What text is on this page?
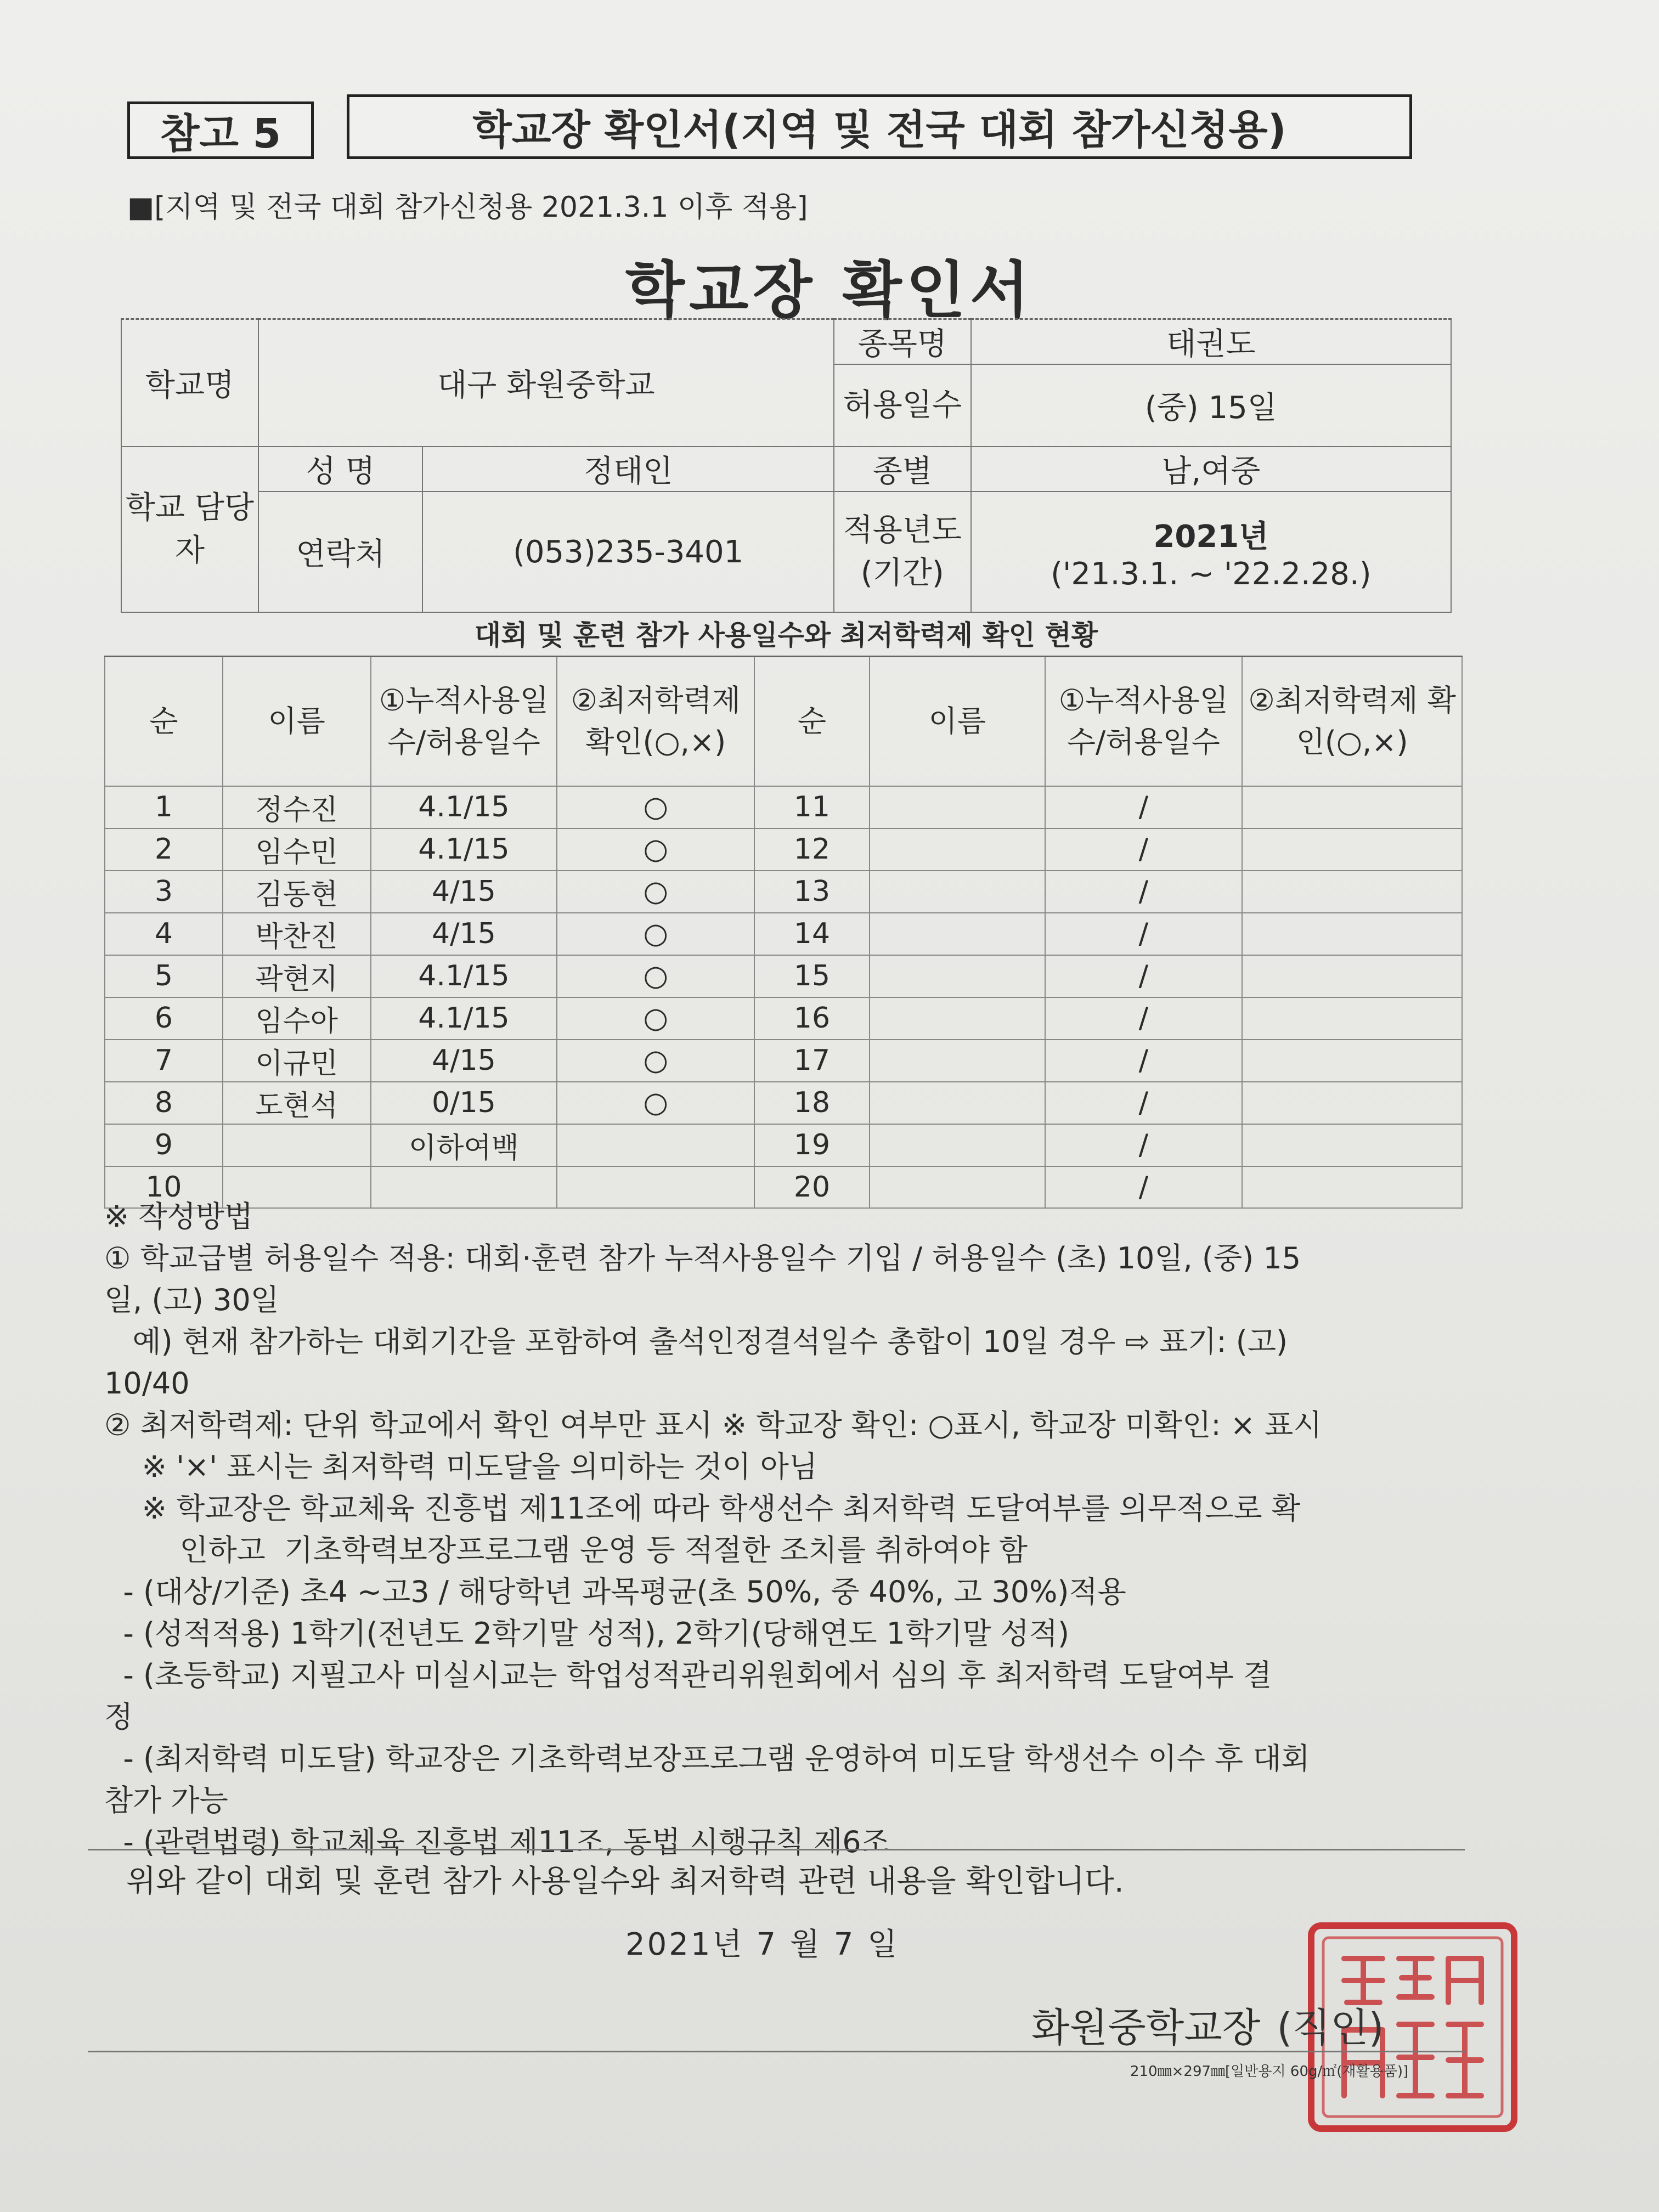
참고 5	학교장 확인서(지역 및 전국 대회 참가신청용)
■[지역 및 전국 대회 참가신청용 2021.3.1 이후 적용]
학교장 확인서
학교명	대구 화원중학교		종목명	태권도
			허용일수	(중) 15일
학교 담당자	성 명	정태인	종별	남,여중
	연락처	(053)235-3401	적용년도 (기간)	2021년
('21.3.1. ~ '22.2.28.)
대회 및 훈련 참가 사용일수와 최저학력제 확인 현황
순	이름	①누적사용일수/허용일수	②최저학력제 확인(○,×)	순	이름	①누적사용일수/허용일수	②최저학력제 확인(○,×)
1	정수진	4.1/15	○	11		/	
2	임수민	4.1/15	○	12		/	
3	김동현	4/15	○	13		/	
4	박찬진	4/15	○	14		/	
5	곽현지	4.1/15	○	15		/	
6	임수아	4.1/15	○	16		/	
7	이규민	4/15	○	17		/	
8	도현석	0/15	○	18		/	
9		이하여백		19		/	
10				20		/	
※ 작성방법
① 학교급별 허용일수 적용: 대회·훈련 참가 누적사용일수 기입 / 허용일수 (초) 10일, (중) 15
일, (고) 30일
예) 현재 참가하는 대회기간을 포함하여 출석인정결석일수 총합이 10일 경우 ⇨ 표기: (고)
10/40
② 최저학력제: 단위 학교에서 확인 여부만 표시 ※ 학교장 확인: ○표시, 학교장 미확인: × 표시
※ '×' 표시는 최저학력 미도달을 의미하는 것이 아님
※ 학교장은 학교체육 진흥법 제11조에 따라 학생선수 최저학력 도달여부를 의무적으로 확
인하고  기초학력보장프로그램 운영 등 적절한 조치를 취하여야 함
- (대상/기준) 초4 ~고3 / 해당학년 과목평균(초 50%, 중 40%, 고 30%)적용
- (성적적용) 1학기(전년도 2학기말 성적), 2학기(당해연도 1학기말 성적)
- (초등학교) 지필고사 미실시교는 학업성적관리위원회에서 심의 후 최저학력 도달여부 결
정
- (최저학력 미도달) 학교장은 기초학력보장프로그램 운영하여 미도달 학생선수 이수 후 대회
참가 가능
- (관련법령) 학교체육 진흥법 제11조, 동법 시행규칙 제6조
위와 같이 대회 및 훈련 참가 사용일수와 최저학력 관련 내용을 확인합니다.
2021년 7 월 7 일
화원중학교장 (직인)
210㎜×297㎜[일반용지 60g/㎡(재활용품)]
